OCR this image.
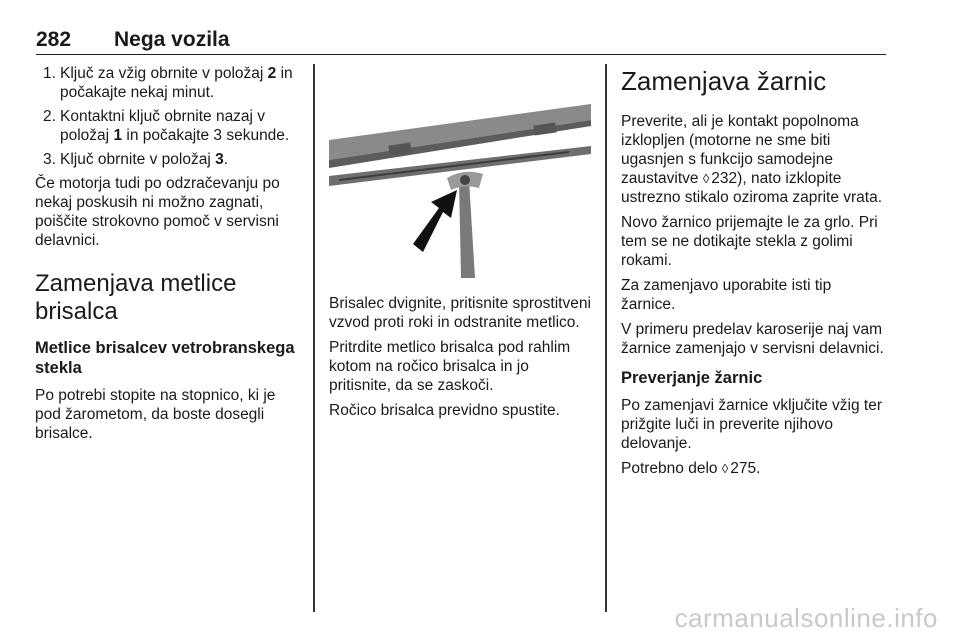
282 Nega vozila
1. Ključ za vžig obrnite v položaj 2 in počakajte nekaj minut.
2. Kontaktni ključ obrnite nazaj v položaj 1 in počakajte 3 sekunde.
3. Ključ obrnite v položaj 3.

Če motorja tudi po odzračevanju po nekaj poskusih ni možno zagnati, poiščite strokovno pomoč v servisni delavnici.

Zamenjava metlice brisalca
Metlice brisalcev vetrobranskega stekla

Po potrebi stopite na stopnico, ki je pod žarometom, da boste dosegli brisalce.

Brisalec dvignite, pritisnite sprostitveni vzvod proti roki in odstranite metlico.

Pritrdite metlico brisalca pod rahlim kotom na ročico brisalca in jo pritisnite, da se zaskoči.

Ročico brisalca previdno spustite.

Zamenjava žarnic

Preverite, ali je kontakt popolnoma izklopljen (motorne ne sme biti ugasnjen s funkcijo samodejne zaustavitve ◊ 232), nato izklopite ustrezno stikalo oziroma zaprite vrata.

Novo žarnico prijemajte le za grlo. Pri tem se ne dotikajte stekla z golimi rokami.

Za zamenjavo uporabite isti tip žarnice.

V primeru predelav karoserije naj vam žarnice zamenjajo v servisni delavnici.

Preverjanje žarnic

Po zamenjavi žarnice vključite vžig ter prižgite luči in preverite njihovo delovanje.

Potrebno delo ◊ 275.

carmanualsonline.info
